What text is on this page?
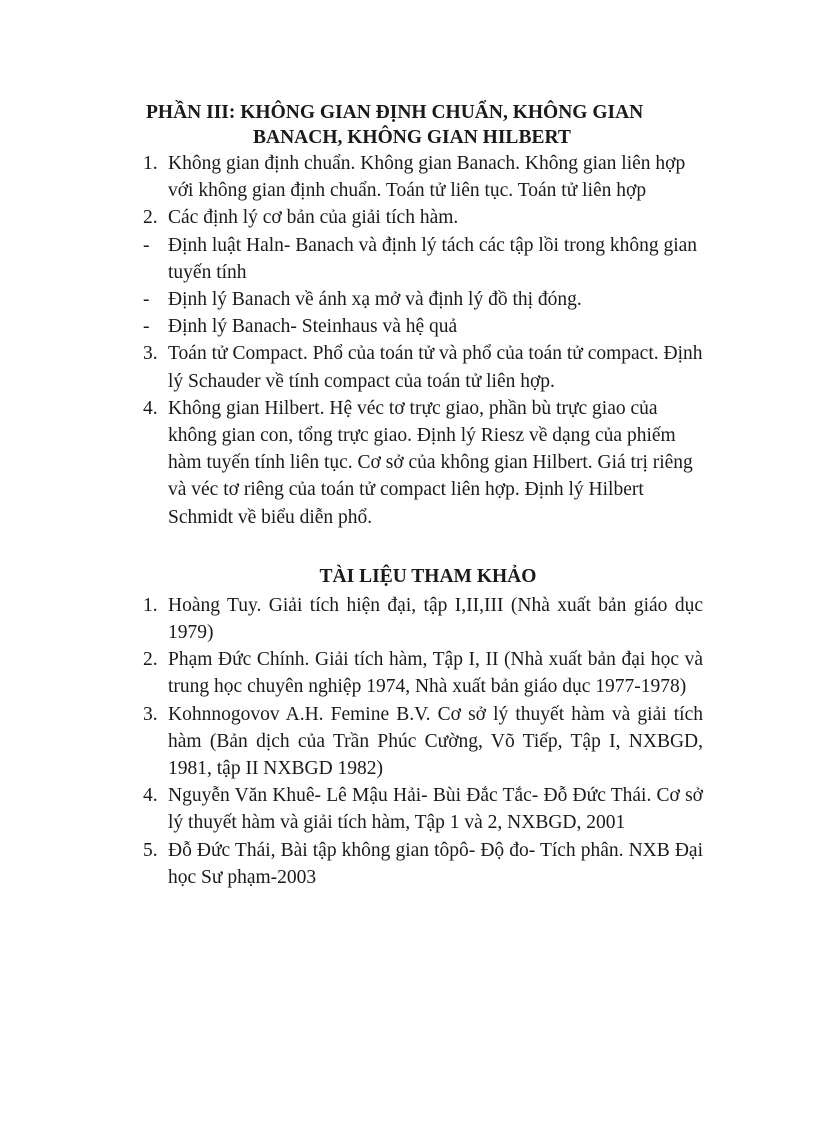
PHẦN III: KHÔNG GIAN ĐỊNH CHUẨN, KHÔNG GIAN
BANACH, KHÔNG GIAN HILBERT
1. Không gian định chuẩn. Không gian Banach. Không gian liên hợp với không gian định chuẩn. Toán tử liên tục. Toán tử liên hợp
2. Các định lý cơ bản của giải tích hàm.
- Định luật Haln- Banach và định lý tách các tập lồi trong không gian tuyến tính
- Định lý Banach về ánh xạ mở và định lý đồ thị đóng.
- Định lý Banach- Steinhaus và hệ quả
3. Toán tử Compact. Phổ của toán tử và phổ của toán tử compact. Định lý Schauder về tính compact của toán tử liên hợp.
4. Không gian Hilbert. Hệ véc tơ trực giao, phần bù trực giao của không gian con, tổng trực giao. Định lý Riesz về dạng của phiếm hàm tuyến tính liên tục. Cơ sở của không gian Hilbert. Giá trị riêng và véc tơ riêng của toán tử compact liên hợp. Định lý Hilbert Schmidt về biểu diễn phổ.
TÀI LIỆU THAM KHẢO
1. Hoàng Tuy. Giải tích hiện đại, tập I,II,III (Nhà xuất bản giáo dục 1979)
2. Phạm Đức Chính. Giải tích hàm, Tập I, II (Nhà xuất bản đại học và trung học chuyên nghiệp 1974, Nhà xuất bản giáo dục 1977-1978)
3. Kohnnogovov A.H. Femine B.V. Cơ sở lý thuyết hàm và giải tích hàm (Bản dịch của Trần Phúc Cường, Võ Tiếp, Tập I, NXBGD, 1981, tập II NXBGD 1982)
4. Nguyễn Văn Khuê- Lê Mậu Hải- Bùi Đắc Tắc- Đỗ Đức Thái. Cơ sở lý thuyết hàm và giải tích hàm, Tập 1 và 2, NXBGD, 2001
5. Đỗ Đức Thái, Bài tập không gian tôpô- Độ đo- Tích phân. NXB Đại học Sư phạm-2003
